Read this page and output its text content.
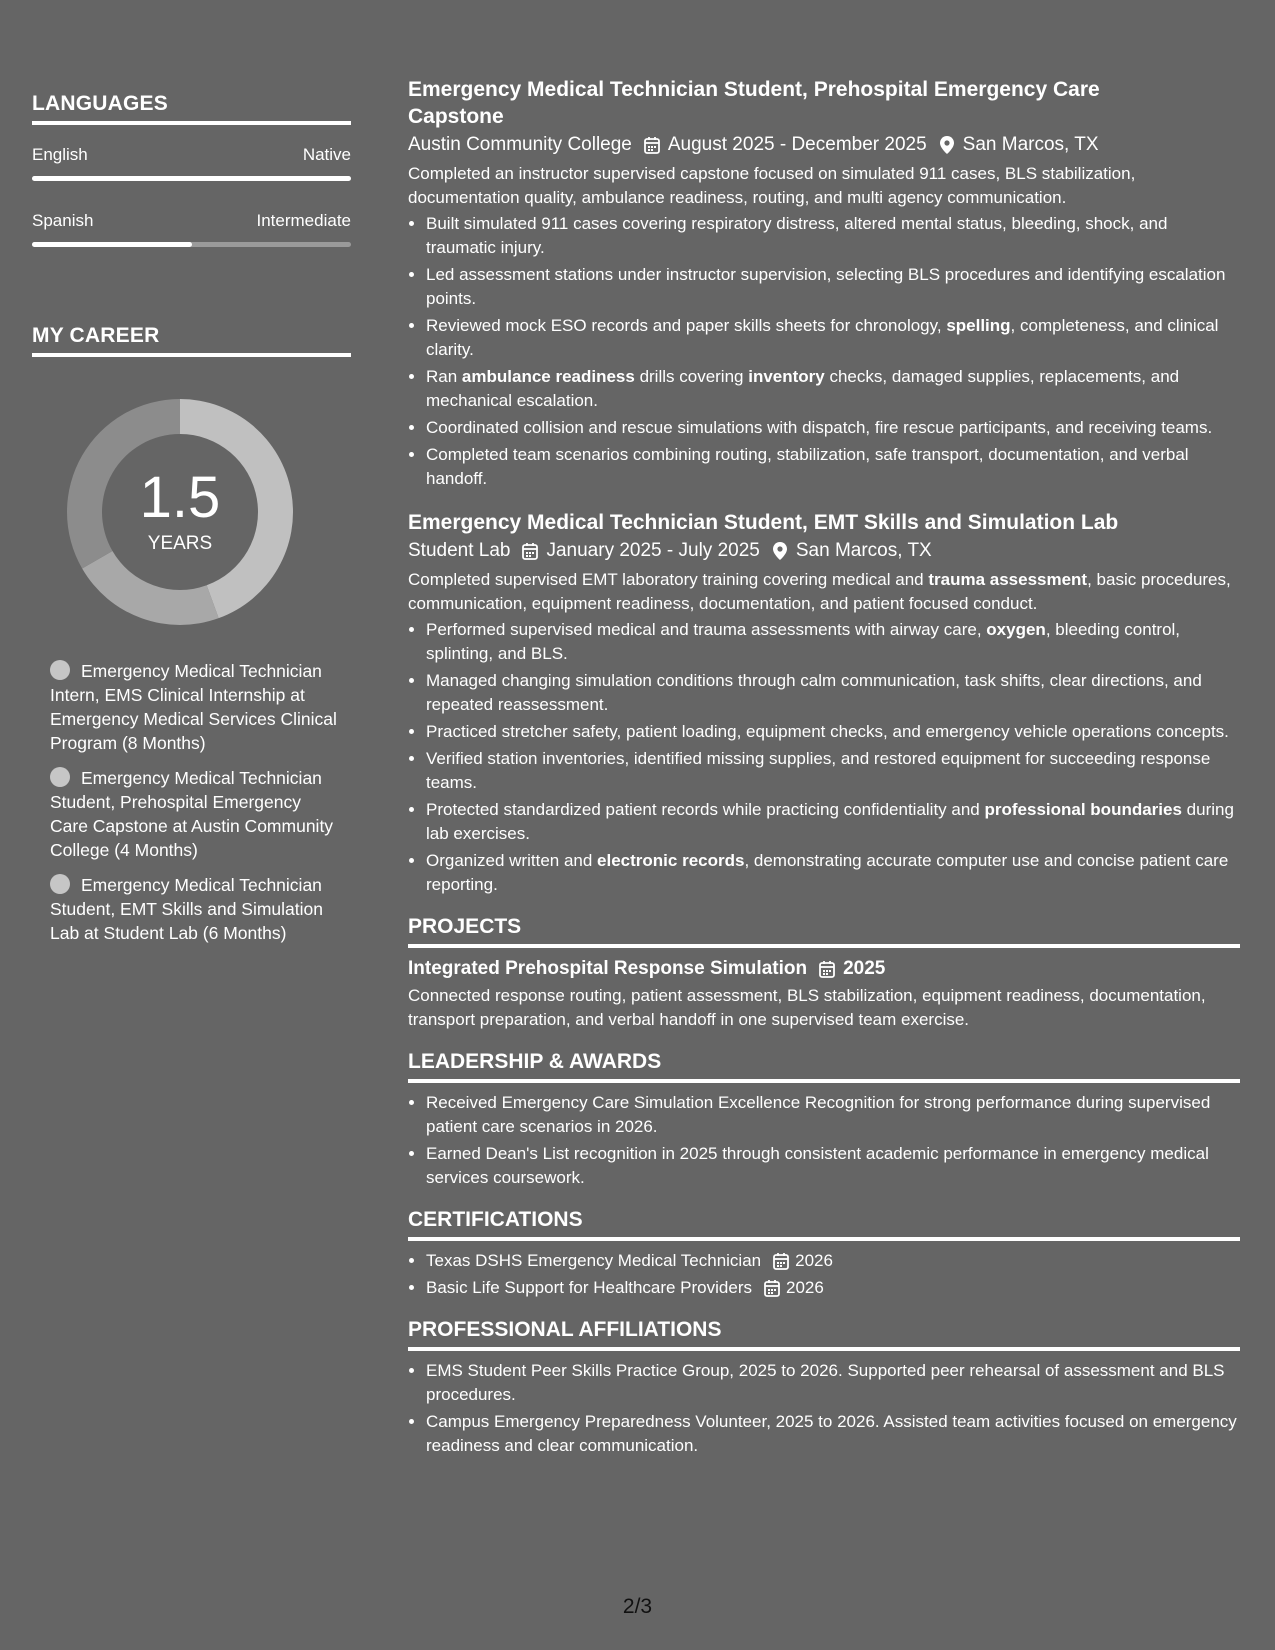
LANGUAGES
English	Native
Spanish	Intermediate
MY CAREER
1.5
YEARS
Emergency Medical Technician Intern, EMS Clinical Internship at Emergency Medical Services Clinical Program (8 Months)
Emergency Medical Technician Student, Prehospital Emergency Care Capstone at Austin Community College (4 Months)
Emergency Medical Technician Student, EMT Skills and Simulation Lab at Student Lab (6 Months)
Emergency Medical Technician Student, Prehospital Emergency Care Capstone
Austin Community College August 2025 - December 2025 San Marcos, TX
Completed an instructor supervised capstone focused on simulated 911 cases, BLS stabilization, documentation quality, ambulance readiness, routing, and multi agency communication.
• Built simulated 911 cases covering respiratory distress, altered mental status, bleeding, shock, and traumatic injury.
• Led assessment stations under instructor supervision, selecting BLS procedures and identifying escalation points.
• Reviewed mock ESO records and paper skills sheets for chronology, spelling, completeness, and clinical clarity.
• Ran ambulance readiness drills covering inventory checks, damaged supplies, replacements, and mechanical escalation.
• Coordinated collision and rescue simulations with dispatch, fire rescue participants, and receiving teams.
• Completed team scenarios combining routing, stabilization, safe transport, documentation, and verbal handoff.
Emergency Medical Technician Student, EMT Skills and Simulation Lab
Student Lab January 2025 - July 2025 San Marcos, TX
Completed supervised EMT laboratory training covering medical and trauma assessment, basic procedures, communication, equipment readiness, documentation, and patient focused conduct.
• Performed supervised medical and trauma assessments with airway care, oxygen, bleeding control, splinting, and BLS.
• Managed changing simulation conditions through calm communication, task shifts, clear directions, and repeated reassessment.
• Practiced stretcher safety, patient loading, equipment checks, and emergency vehicle operations concepts.
• Verified station inventories, identified missing supplies, and restored equipment for succeeding response teams.
• Protected standardized patient records while practicing confidentiality and professional boundaries during lab exercises.
• Organized written and electronic records, demonstrating accurate computer use and concise patient care reporting.
PROJECTS
Integrated Prehospital Response Simulation 2025
Connected response routing, patient assessment, BLS stabilization, equipment readiness, documentation, transport preparation, and verbal handoff in one supervised team exercise.
LEADERSHIP & AWARDS
• Received Emergency Care Simulation Excellence Recognition for strong performance during supervised patient care scenarios in 2026.
• Earned Dean's List recognition in 2025 through consistent academic performance in emergency medical services coursework.
CERTIFICATIONS
• Texas DSHS Emergency Medical Technician 2026
• Basic Life Support for Healthcare Providers 2026
PROFESSIONAL AFFILIATIONS
• EMS Student Peer Skills Practice Group, 2025 to 2026. Supported peer rehearsal of assessment and BLS procedures.
• Campus Emergency Preparedness Volunteer, 2025 to 2026. Assisted team activities focused on emergency readiness and clear communication.
2/3
